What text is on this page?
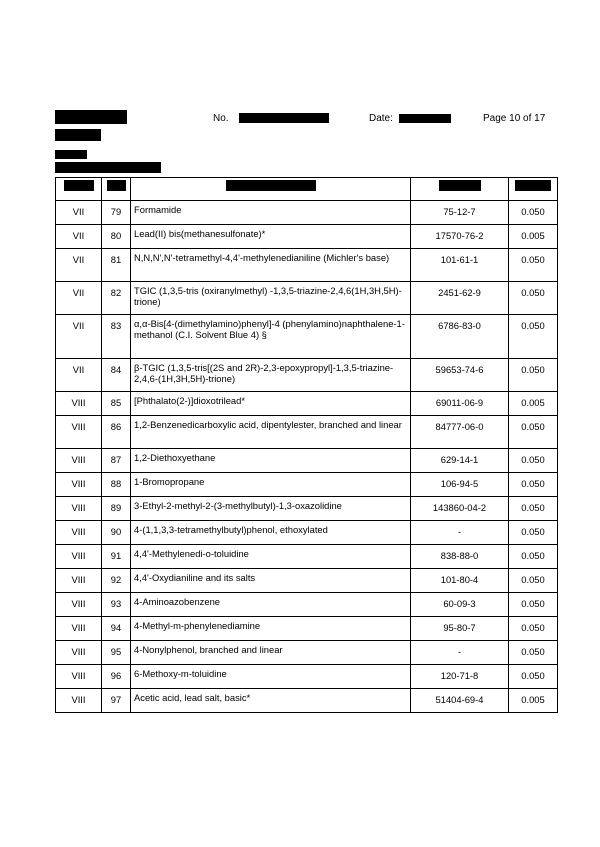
No.	Date:	Page 10 of 17

VII	79	Formamide	75-12-7	0.050
VII	80	Lead(II) bis(methanesulfonate)*	17570-76-2	0.005
VII	81	N,N,N',N'-tetramethyl-4,4'-methylenedianiline (Michler's base)	101-61-1	0.050
VII	82	TGIC (1,3,5-tris (oxiranylmethyl) -1,3,5-triazine-2,4,6(1H,3H,5H)-trione)	2451-62-9	0.050
VII	83	α,α-Bis[4-(dimethylamino)phenyl]-4 (phenylamino)naphthalene-1-methanol (C.I. Solvent Blue 4) §	6786-83-0	0.050
VII	84	β-TGIC (1,3,5-tris[(2S and 2R)-2,3-epoxypropyl]-1,3,5-triazine-2,4,6-(1H,3H,5H)-trione)	59653-74-6	0.050
VIII	85	[Phthalato(2-)]dioxotrilead*	69011-06-9	0.005
VIII	86	1,2-Benzenedicarboxylic acid, dipentylester, branched and linear	84777-06-0	0.050
VIII	87	1,2-Diethoxyethane	629-14-1	0.050
VIII	88	1-Bromopropane	106-94-5	0.050
VIII	89	3-Ethyl-2-methyl-2-(3-methylbutyl)-1,3-oxazolidine	143860-04-2	0.050
VIII	90	4-(1,1,3,3-tetramethylbutyl)phenol, ethoxylated	-	0.050
VIII	91	4,4'-Methylenedi-o-toluidine	838-88-0	0.050
VIII	92	4,4'-Oxydianiline and its salts	101-80-4	0.050
VIII	93	4-Aminoazobenzene	60-09-3	0.050
VIII	94	4-Methyl-m-phenylenediamine	95-80-7	0.050
VIII	95	4-Nonylphenol, branched and linear	-	0.050
VIII	96	6-Methoxy-m-toluidine	120-71-8	0.050
VIII	97	Acetic acid, lead salt, basic*	51404-69-4	0.005
